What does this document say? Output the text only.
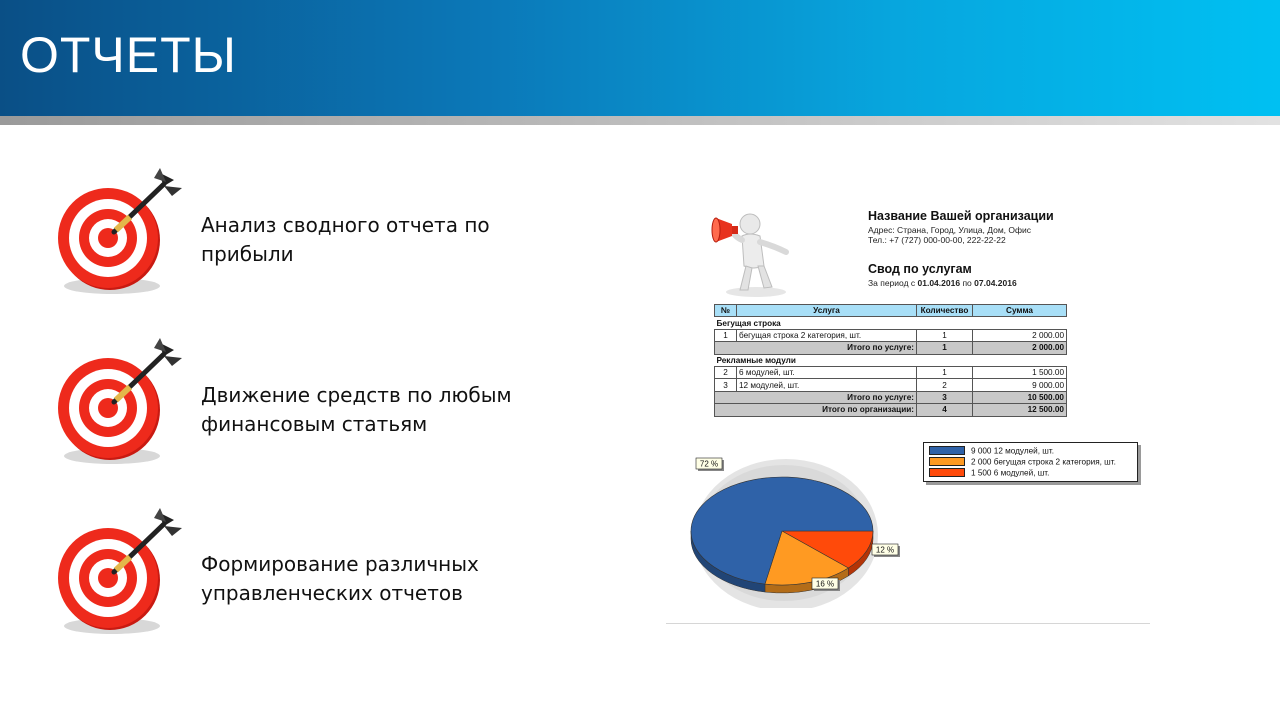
ОТЧЕТЫ
Анализ сводного отчета по
прибыли
Движение средств по любым
финансовым статьям
Формирование различных
управленческих отчетов
Название Вашей организации
Адрес: Страна, Город, Улица, Дом, Офис
Тел.: +7 (727) 000-00-00, 222-22-22
Свод по услугам
За период с 01.04.2016 по 07.04.2016
№	Услуга	Количество	Сумма
Бегущая строка			
1	бегущая строка 2 категория, шт.	1	2 000.00
Итого по услуге:		1	2 000.00
Рекламные модули			
2	6 модулей, шт.	1	1 500.00
3	12 модулей, шт.	2	9 000.00
Итого по услуге:		3	10 500.00
Итого по организации:		4	12 500.00
72 %
16 %
12 %
9 000 12 модулей, шт.
2 000 бегущая строка 2 категория, шт.
1 500 6 модулей, шт.
